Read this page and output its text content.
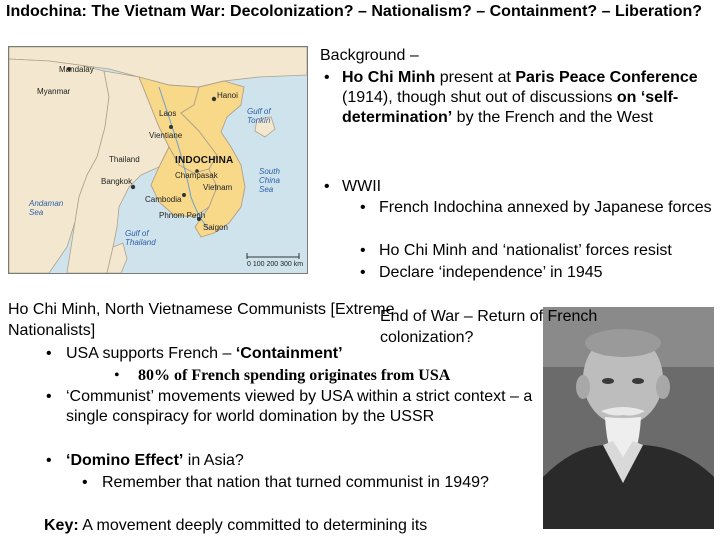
Indochina: The Vietnam War: Decolonization? – Nationalism? – Containment? – Liberation?
Mandalay
Myanmar	Hanoi
Gulf of Tonkin
Laos
Vientiane
Thailand	INDOCHINA
Champasak
Vietnam
South China Sea
Bangkok
Cambodia
Phnom Penh
Saigon
Andaman Sea
Gulf of Thailand
0 100 200 300 km
Background –
• Ho Chi Minh present at Paris Peace Conference (1914), though shut out of discussions on ‘self-determination’ by the French and the West
• WWII
• French Indochina annexed by Japanese forces
• Ho Chi Minh and ‘nationalist’ forces resist
• Declare ‘independence’ in 1945
Ho Chi Minh, North Vietnamese Communists [Extreme
Nationalists]
End of War – Return of French
colonization?
• USA supports French – ‘Containment’
• 80% of French spending originates from USA
• ‘Communist’ movements viewed by USA within a strict context – a single conspiracy for world domination by the USSR
• ‘Domino Effect’ in Asia?
• Remember that nation that turned communist in 1949?
Key: A movement deeply committed to determining its
